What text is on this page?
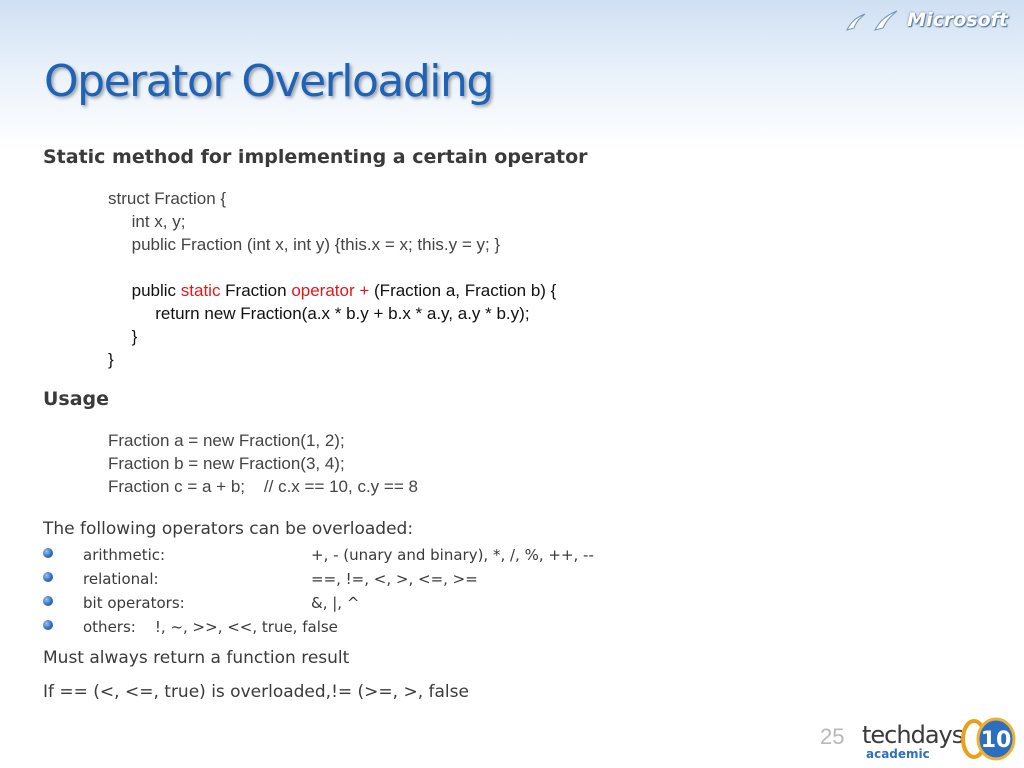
Microsoft
Operator Overloading
Static method for implementing a certain operator
struct Fraction {
int x, y;
public Fraction (int x, int y) {this.x = x; this.y = y; }
public static Fraction operator + (Fraction a, Fraction b) {
return new Fraction(a.x * b.y + b.x * a.y, a.y * b.y);
}
}
Usage
Fraction a = new Fraction(1, 2);
Fraction b = new Fraction(3, 4);
Fraction c = a + b;    // c.x == 10, c.y == 8

The following operators can be overloaded:

arithmetic:	+, - (unary and binary), *, /, %, ++, --
relational:	==, !=, <, >, <=, >=
bit operators:	&, |, ^
others:    !, ~, >>, <<, true, false

Must always return a function result

If == (<, <=, true) is overloaded,!= (>=, >, false

25 techdays
academic
10
